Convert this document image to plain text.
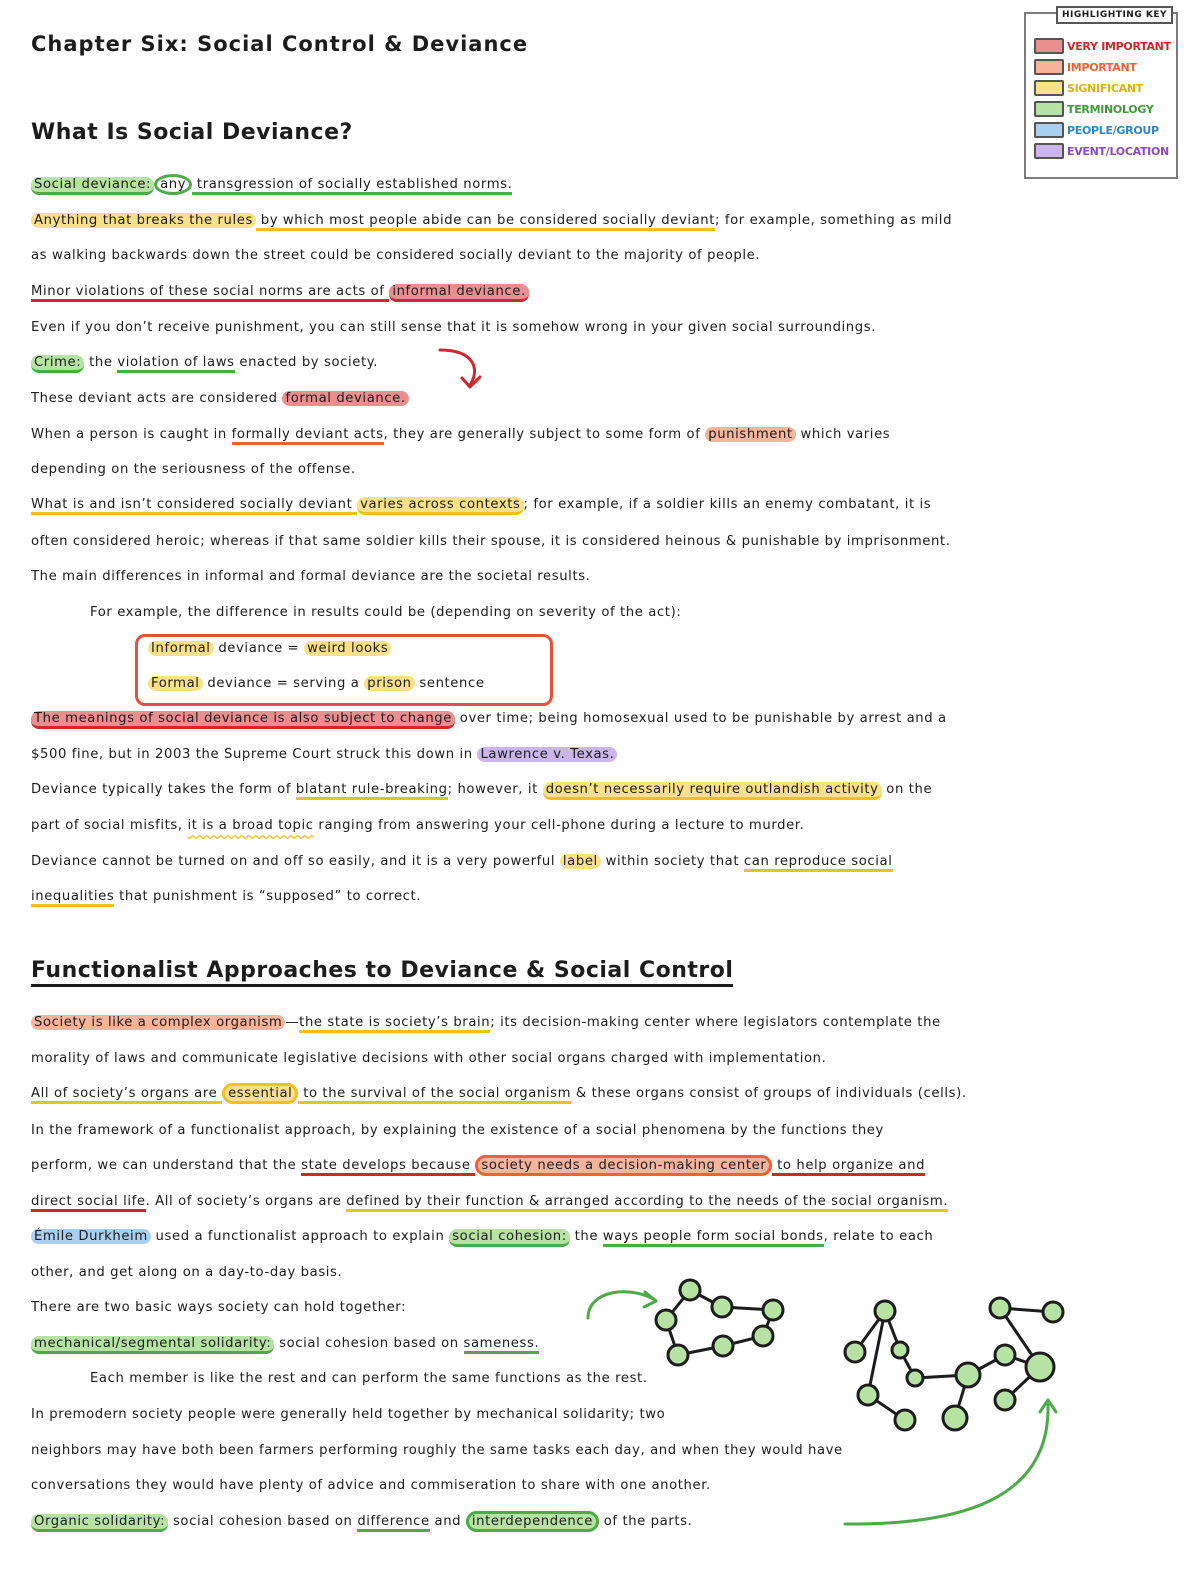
Chapter Six: Social Control & Deviance
HIGHLIGHTING KEY
VERY IMPORTANT
IMPORTANT
SIGNIFICANT
TERMINOLOGY
PEOPLE/GROUP
EVENT/LOCATION
What Is Social Deviance?
Social deviance: any transgression of socially established norms.
Anything that breaks the rules by which most people abide can be considered socially deviant; for example, something as mild
as walking backwards down the street could be considered socially deviant to the majority of people.
Minor violations of these social norms are acts of informal deviance.
Even if you don’t receive punishment, you can still sense that it is somehow wrong in your given social surroundings.
Crime: the violation of laws enacted by society.
These deviant acts are considered formal deviance.
When a person is caught in formally deviant acts, they are generally subject to some form of punishment which varies
depending on the seriousness of the offense.
What is and isn’t considered socially deviant varies across contexts ; for example, if a soldier kills an enemy combatant, it is
often considered heroic; whereas if that same soldier kills their spouse, it is considered heinous & punishable by imprisonment.
The main differences in informal and formal deviance are the societal results.
For example, the difference in results could be (depending on severity of the act):
Informal deviance = weird looks
Formal deviance = serving a prison sentence
The meanings of social deviance is also subject to change over time; being homosexual used to be punishable by arrest and a
$500 fine, but in 2003 the Supreme Court struck this down in Lawrence v. Texas.
Deviance typically takes the form of blatant rule-breaking; however, it doesn’t necessarily require outlandish activity on the
part of social misfits, it is a broad topic ranging from answering your cell-phone during a lecture to murder.
Deviance cannot be turned on and off so easily, and it is a very powerful label within society that can reproduce social
inequalities that punishment is “supposed” to correct.
Functionalist Approaches to Deviance & Social Control
Society is like a complex organism —the state is society’s brain; its decision-making center where legislators contemplate the
morality of laws and communicate legislative decisions with other social organs charged with implementation.
All of society’s organs are essential to the survival of the social organism & these organs consist of groups of individuals (cells).
In the framework of a functionalist approach, by explaining the existence of a social phenomena by the functions they
perform, we can understand that the state develops because society needs a decision-making center to help organize and
direct social life. All of society’s organs are defined by their function & arranged according to the needs of the social organism.
Émile Durkheim used a functionalist approach to explain social cohesion: the ways people form social bonds, relate to each
other, and get along on a day-to-day basis.
There are two basic ways society can hold together:
mechanical/segmental solidarity: social cohesion based on sameness.
Each member is like the rest and can perform the same functions as the rest.
In premodern society people were generally held together by mechanical solidarity; two
neighbors may have both been farmers performing roughly the same tasks each day, and when they would have
conversations they would have plenty of advice and commiseration to share with one another.
Organic solidarity: social cohesion based on difference and interdependence of the parts.
